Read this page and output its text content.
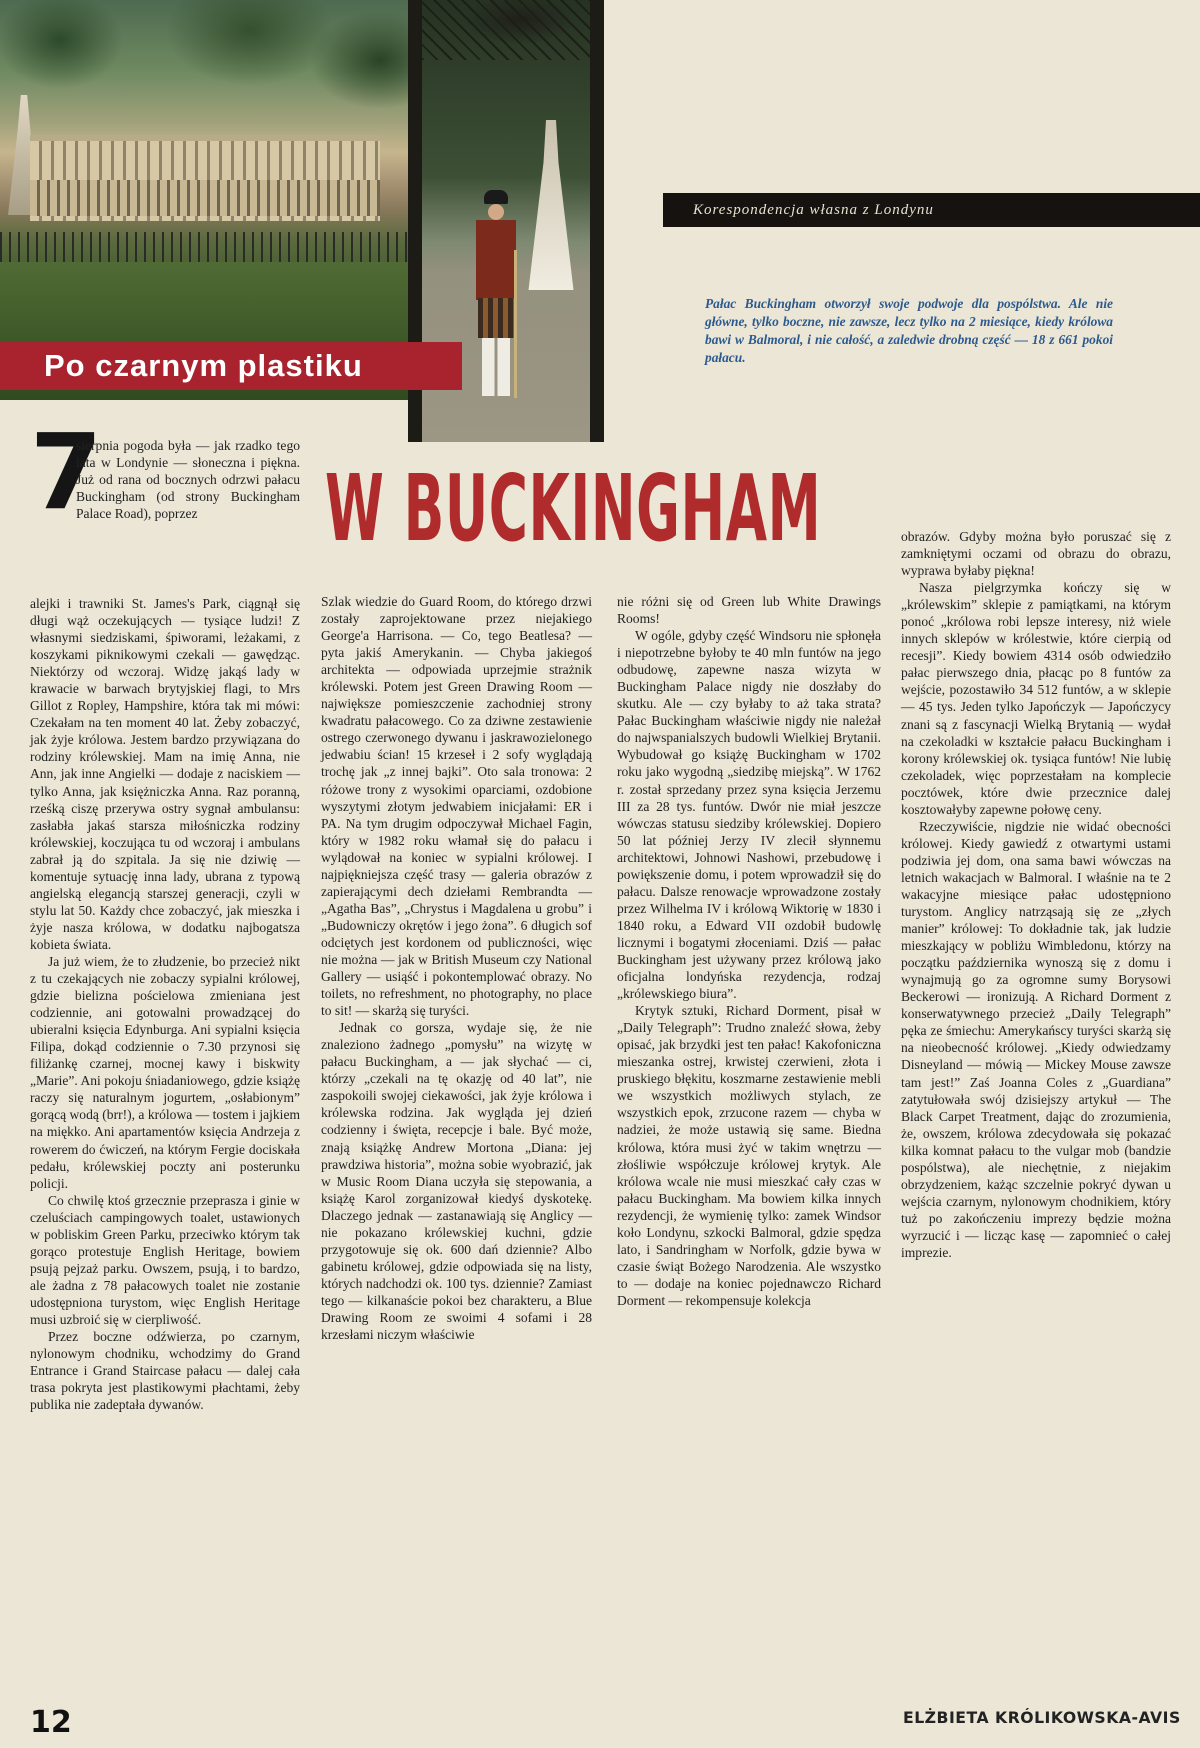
Po czarnym plastiku
Korespondencja własna z Londynu
Pałac Buckingham otworzył swoje podwoje dla pospólstwa. Ale nie główne, tylko boczne, nie zawsze, lecz tylko na 2 miesiące, kiedy królowa bawi w Balmoral, i nie całość, a zaledwie drobną część — 18 z 661 pokoi pałacu.
W BUCKINGHAM
7

sierpnia pogoda była — jak rzadko tego lata w Londynie — słoneczna i piękna. Już od rana od bocznych odrzwi pałacu Buckingham (od strony Buckingham Palace Road), poprzez

alejki i trawniki St. James's Park, ciągnął się długi wąż oczekujących — tysiące ludzi! Z własnymi siedziskami, śpiworami, leżakami, z koszykami piknikowymi czekali — gawędząc. Niektórzy od wczoraj. Widzę jakąś lady w krawacie w barwach brytyjskiej flagi, to Mrs Gillot z Ropley, Hampshire, która tak mi mówi: Czekałam na ten moment 40 lat. Żeby zobaczyć, jak żyje królowa. Jestem bardzo przywiązana do rodziny królewskiej. Mam na imię Anna, nie Ann, jak inne Angielki — dodaje z naciskiem — tylko Anna, jak księżniczka Anna. Raz poranną, rześką ciszę przerywa ostry sygnał ambulansu: zasłabła jakaś starsza miłośniczka rodziny królewskiej, koczująca tu od wczoraj i ambulans zabrał ją do szpitala. Ja się nie dziwię — komentuje sytuację inna lady, ubrana z typową angielską elegancją starszej generacji, czyli w stylu lat 50. Każdy chce zobaczyć, jak mieszka i żyje nasza królowa, w dodatku najbogatsza kobieta świata.

Ja już wiem, że to złudzenie, bo przecież nikt z tu czekających nie zobaczy sypialni królowej, gdzie bielizna pościelowa zmieniana jest codziennie, ani gotowalni prowadzącej do ubieralni księcia Edynburga. Ani sypialni księcia Filipa, dokąd codziennie o 7.30 przynosi się filiżankę czarnej, mocnej kawy i biskwity „Marie”. Ani pokoju śniadaniowego, gdzie książę raczy się naturalnym jogurtem, „osłabionym” gorącą wodą (brr!), a królowa — tostem i jajkiem na miękko. Ani apartamentów księcia Andrzeja z rowerem do ćwiczeń, na którym Fergie dociskała pedału, królewskiej poczty ani posterunku policji.

Co chwilę ktoś grzecznie przeprasza i ginie w czeluściach campingowych toalet, ustawionych w pobliskim Green Parku, przeciwko którym tak gorąco protestuje English Heritage, bowiem psują pejzaż parku. Owszem, psują, i to bardzo, ale żadna z 78 pałacowych toalet nie zostanie udostępniona turystom, więc English Heritage musi uzbroić się w cierpliwość.

Przez boczne odźwierza, po czarnym, nylonowym chodniku, wchodzimy do Grand Entrance i Grand Staircase pałacu — dalej cała trasa pokryta jest plastikowymi płachtami, żeby publika nie zadeptała dywanów.

Szlak wiedzie do Guard Room, do którego drzwi zostały zaprojektowane przez niejakiego George'a Harrisona. — Co, tego Beatlesa? — pyta jakiś Amerykanin. — Chyba jakiegoś architekta — odpowiada uprzejmie strażnik królewski. Potem jest Green Drawing Room — największe pomieszczenie zachodniej strony kwadratu pałacowego. Co za dziwne zestawienie ostrego czerwonego dywanu i jaskrawozielonego jedwabiu ścian! 15 krzeseł i 2 sofy wyglądają trochę jak „z innej bajki”. Oto sala tronowa: 2 różowe trony z wysokimi oparciami, ozdobione wyszytymi złotym jedwabiem inicjałami: ER i PA. Na tym drugim odpoczywał Michael Fagin, który w 1982 roku włamał się do pałacu i wylądował na koniec w sypialni królowej. I najpiękniejsza część trasy — galeria obrazów z zapierającymi dech dziełami Rembrandta — „Agatha Bas”, „Chrystus i Magdalena u grobu” i „Budowniczy okrętów i jego żona”. 6 długich sof odciętych jest kordonem od publiczności, więc nie można — jak w British Museum czy National Gallery — usiąść i pokontemplować obrazy. No toilets, no refreshment, no photography, no place to sit! — skarżą się turyści.

Jednak co gorsza, wydaje się, że nie znaleziono żadnego „pomysłu” na wizytę w pałacu Buckingham, a — jak słychać — ci, którzy „czekali na tę okazję od 40 lat”, nie zaspokoili swojej ciekawości, jak żyje królowa i królewska rodzina. Jak wygląda jej dzień codzienny i święta, recepcje i bale. Być może, znają książkę Andrew Mortona „Diana: jej prawdziwa historia”, można sobie wyobrazić, jak w Music Room Diana uczyła się stepowania, a książę Karol zorganizował kiedyś dyskotekę. Dlaczego jednak — zastanawiają się Anglicy — nie pokazano królewskiej kuchni, gdzie przygotowuje się ok. 600 dań dziennie? Albo gabinetu królowej, gdzie odpowiada się na listy, których nadchodzi ok. 100 tys. dziennie? Zamiast tego — kilkanaście pokoi bez charakteru, a Blue Drawing Room ze swoimi 4 sofami i 28 krzesłami niczym właściwie

nie różni się od Green lub White Drawings Rooms!

W ogóle, gdyby część Windsoru nie spłonęła i niepotrzebne byłoby te 40 mln funtów na jego odbudowę, zapewne nasza wizyta w Buckingham Palace nigdy nie doszłaby do skutku. Ale — czy byłaby to aż taka strata? Pałac Buckingham właściwie nigdy nie należał do najwspanialszych budowli Wielkiej Brytanii. Wybudował go książę Buckingham w 1702 roku jako wygodną „siedzibę miejską”. W 1762 r. został sprzedany przez syna księcia Jerzemu III za 28 tys. funtów. Dwór nie miał jeszcze wówczas statusu siedziby królewskiej. Dopiero 50 lat później Jerzy IV zlecił słynnemu architektowi, Johnowi Nashowi, przebudowę i powiększenie domu, i potem wprowadził się do pałacu. Dalsze renowacje wprowadzone zostały przez Wilhelma IV i królową Wiktorię w 1830 i 1840 roku, a Edward VII ozdobił budowlę licznymi i bogatymi złoceniami. Dziś — pałac Buckingham jest używany przez królową jako oficjalna londyńska rezydencja, rodzaj „królewskiego biura”.

Krytyk sztuki, Richard Dorment, pisał w „Daily Telegraph”: Trudno znaleźć słowa, żeby opisać, jak brzydki jest ten pałac! Kakofoniczna mieszanka ostrej, krwistej czerwieni, złota i pruskiego błękitu, koszmarne zestawienie mebli we wszystkich możliwych stylach, ze wszystkich epok, zrzucone razem — chyba w nadziei, że może ustawią się same. Biedna królowa, która musi żyć w takim wnętrzu — złośliwie współczuje królowej krytyk. Ale królowa wcale nie musi mieszkać cały czas w pałacu Buckingham. Ma bowiem kilka innych rezydencji, że wymienię tylko: zamek Windsor koło Londynu, szkocki Balmoral, gdzie spędza lato, i Sandringham w Norfolk, gdzie bywa w czasie świąt Bożego Narodzenia. Ale wszystko to — dodaje na koniec pojednawczo Richard Dorment — rekompensuje kolekcja

obrazów. Gdyby można było poruszać się z zamkniętymi oczami od obrazu do obrazu, wyprawa byłaby piękna!

Nasza pielgrzymka kończy się w „królewskim” sklepie z pamiątkami, na którym ponoć „królowa robi lepsze interesy, niż wiele innych sklepów w królestwie, które cierpią od recesji”. Kiedy bowiem 4314 osób odwiedziło pałac pierwszego dnia, płacąc po 8 funtów za wejście, pozostawiło 34 512 funtów, a w sklepie — 45 tys. Jeden tylko Japończyk — Japończycy znani są z fascynacji Wielką Brytanią — wydał na czekoladki w kształcie pałacu Buckingham i korony królewskiej ok. tysiąca funtów! Nie lubię czekoladek, więc poprzestałam na komplecie pocztówek, które dwie przecznice dalej kosztowałyby zapewne połowę ceny.

Rzeczywiście, nigdzie nie widać obecności królowej. Kiedy gawiedź z otwartymi ustami podziwia jej dom, ona sama bawi wówczas na letnich wakacjach w Balmoral. I właśnie na te 2 wakacyjne miesiące pałac udostępniono turystom. Anglicy natrząsają się ze „złych manier” królowej: To dokładnie tak, jak ludzie mieszkający w pobliżu Wimbledonu, którzy na początku października wynoszą się z domu i wynajmują go za ogromne sumy Borysowi Beckerowi — ironizują. A Richard Dorment z konserwatywnego przecież „Daily Telegraph” pęka ze śmiechu: Amerykańscy turyści skarżą się na nieobecność królowej. „Kiedy odwiedzamy Disneyland — mówią — Mickey Mouse zawsze tam jest!” Zaś Joanna Coles z „Guardiana” zatytułowała swój dzisiejszy artykuł — The Black Carpet Treatment, dając do zrozumienia, że, owszem, królowa zdecydowała się pokazać kilka komnat pałacu to the vulgar mob (bandzie pospólstwa), ale niechętnie, z niejakim obrzydzeniem, każąc szczelnie pokryć dywan u wejścia czarnym, nylonowym chodnikiem, który tuż po zakończeniu imprezy będzie można wyrzucić i — licząc kasę — zapomnieć o całej imprezie.

ELŻBIETA KRÓLIKOWSKA-AVIS
12
